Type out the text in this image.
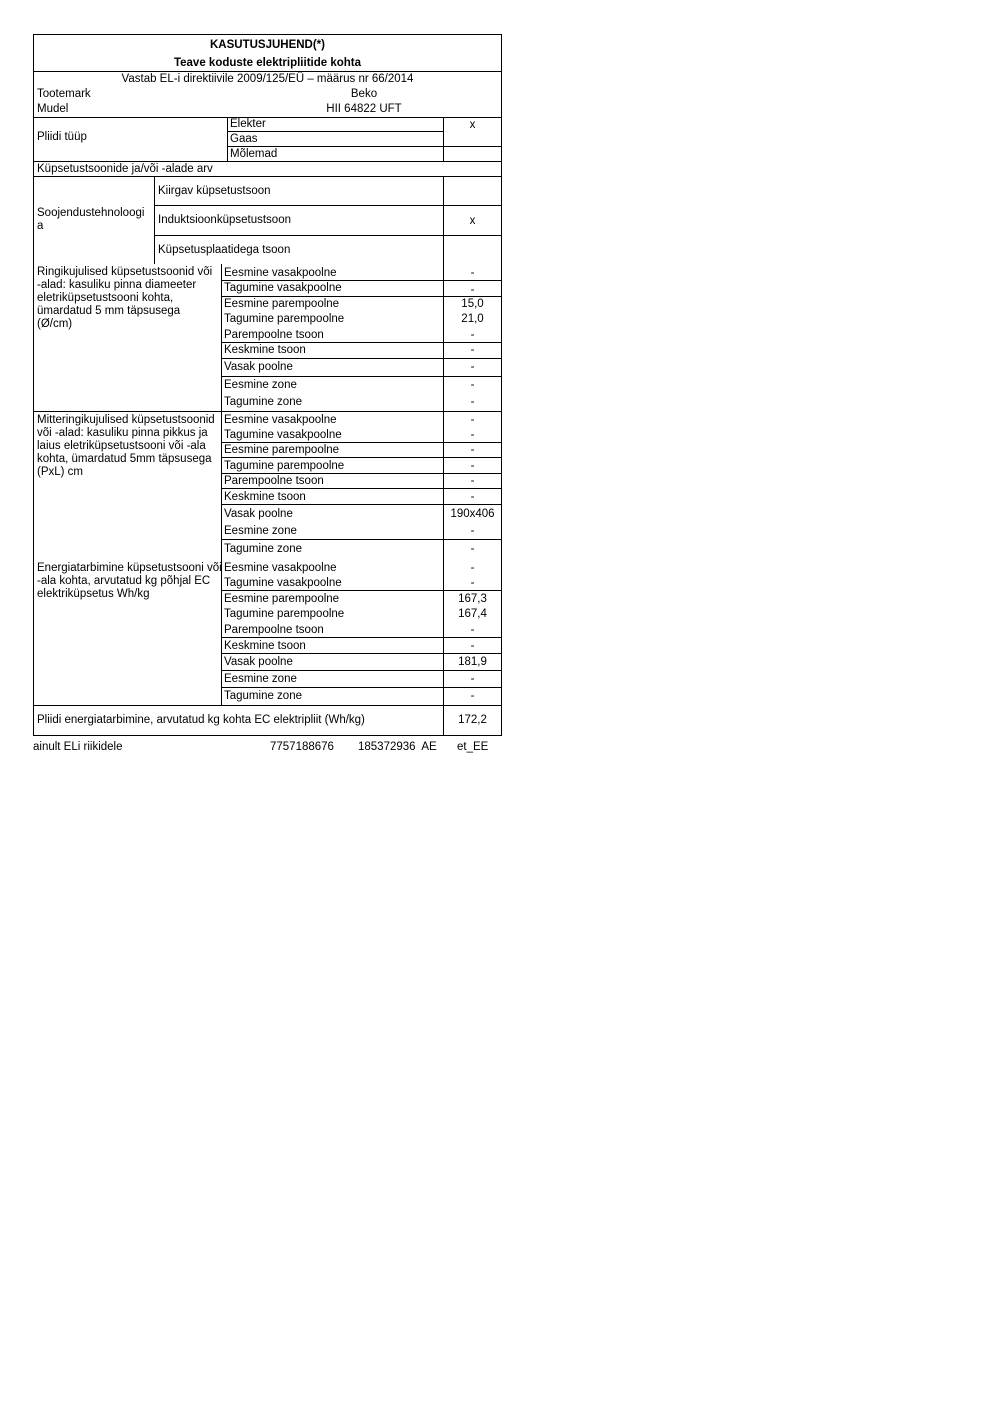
KASUTUSJUHEND(*)
Teave koduste elektripliitide kohta
Vastab EL-i direktiivile 2009/125/EÜ – määrus nr 66/2014
Tootemark	Beko
Mudel	HII 64822 UFT
Pliidi tüüp
Elekter	x
Gaas
Mõlemad
Küpsetustsoonide ja/või -alade arv
Soojendustehnoloogi a
Kiirgav küpsetustsoon
Induktsioonküpsetustsoon	x
Küpsetusplaatidega tsoon
Ringikujulised küpsetustsoonid või -alad: kasuliku pinna diameeter eletriküpsetustsooni kohta, ümardatud 5 mm täpsusega (Ø/cm)
Eesmine vasakpoolne	-
Tagumine vasakpoolne	-
Eesmine parempoolne	15,0
Tagumine parempoolne	21,0
Parempoolne tsoon	-
Keskmine tsoon	-
Vasak poolne	-
Eesmine zone	-
Tagumine zone	-
Mitteringikujulised küpsetustsoonid või -alad: kasuliku pinna pikkus ja laius eletriküpsetustsooni või -ala kohta, ümardatud 5mm täpsusega (PxL) cm
Eesmine vasakpoolne	-
Tagumine vasakpoolne	-
Eesmine parempoolne	-
Tagumine parempoolne	-
Parempoolne tsoon	-
Keskmine tsoon	-
Vasak poolne	190x406
Eesmine zone	-
Tagumine zone	-
Energiatarbimine küpsetustsooni või -ala kohta, arvutatud kg põhjal EC elektriküpsetus Wh/kg
Eesmine vasakpoolne	-
Tagumine vasakpoolne	-
Eesmine parempoolne	167,3
Tagumine parempoolne	167,4
Parempoolne tsoon	-
Keskmine tsoon	-
Vasak poolne	181,9
Eesmine zone	-
Tagumine zone	-
Pliidi energiatarbimine, arvutatud kg kohta EC elektripliit (Wh/kg)	172,2
ainult ELi riikidele	7757188676 185372936  AE et_EE
